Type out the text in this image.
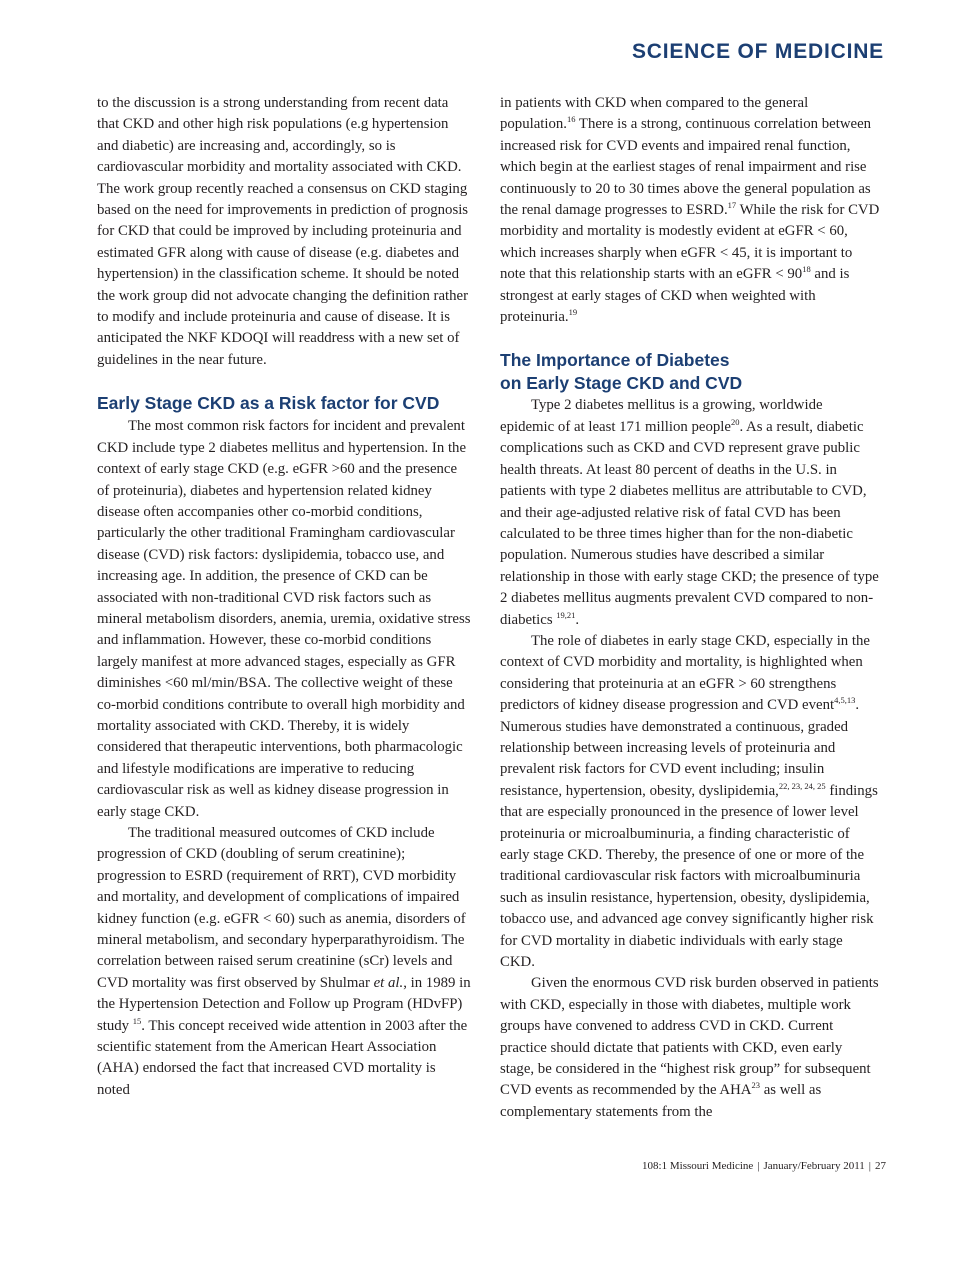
SCIENCE OF MEDICINE

to the discussion is a strong understanding from recent data that CKD and other high risk populations (e.g hypertension and diabetic) are increasing and, accordingly, so is cardiovascular morbidity and mortality associated with CKD. The work group recently reached a consensus on CKD staging based on the need for improvements in prediction of prognosis for CKD that could be improved by including proteinuria and estimated GFR along with cause of disease (e.g. diabetes and hypertension) in the classification scheme. It should be noted the work group did not advocate changing the definition rather to modify and include proteinuria and cause of disease. It is anticipated the NKF KDOQI will readdress with a new set of guidelines in the near future.

Early Stage CKD as a Risk factor for CVD

The most common risk factors for incident and prevalent CKD include type 2 diabetes mellitus and hypertension. In the context of early stage CKD (e.g. eGFR >60 and the presence of proteinuria), diabetes and hypertension related kidney disease often accompanies other co-morbid conditions, particularly the other traditional Framingham cardiovascular disease (CVD) risk factors: dyslipidemia, tobacco use, and increasing age. In addition, the presence of CKD can be associated with non-traditional CVD risk factors such as mineral metabolism disorders, anemia, uremia, oxidative stress and inflammation. However, these co-morbid conditions largely manifest at more advanced stages, especially as GFR diminishes <60 ml/min/BSA. The collective weight of these co-morbid conditions contribute to overall high morbidity and mortality associated with CKD. Thereby, it is widely considered that therapeutic interventions, both pharmacologic and lifestyle modifications are imperative to reducing cardiovascular risk as well as kidney disease progression in early stage CKD.

The traditional measured outcomes of CKD include progression of CKD (doubling of serum creatinine); progression to ESRD (requirement of RRT), CVD morbidity and mortality, and development of complications of impaired kidney function (e.g. eGFR < 60) such as anemia, disorders of mineral metabolism, and secondary hyperparathyroidism. The correlation between raised serum creatinine (sCr) levels and CVD mortality was first observed by Shulmar et al., in 1989 in the Hypertension Detection and Follow up Program (HDvFP) study $^{15}$. This concept received wide attention in 2003 after the scientific statement from the American Heart Association (AHA) endorsed the fact that increased CVD mortality is noted

in patients with CKD when compared to the general population.$^{16}$ There is a strong, continuous correlation between increased risk for CVD events and impaired renal function, which begin at the earliest stages of renal impairment and rise continuously to 20 to 30 times above the general population as the renal damage progresses to ESRD.$^{17}$ While the risk for CVD morbidity and mortality is modestly evident at eGFR < 60, which increases sharply when eGFR < 45, it is important to note that this relationship starts with an eGFR < $90^{18}$ and is strongest at early stages of CKD when weighted with proteinuria.$^{19}$

The Importance of Diabetes
on Early Stage CKD and CVD

Type 2 diabetes mellitus is a growing, worldwide epidemic of at least 171 million people$^{20}$. As a result, diabetic complications such as CKD and CVD represent grave public health threats. At least 80 percent of deaths in the U.S. in patients with type 2 diabetes mellitus are attributable to CVD, and their age-adjusted relative risk of fatal CVD has been calculated to be three times higher than for the non-diabetic population. Numerous studies have described a similar relationship in those with early stage CKD; the presence of type 2 diabetes mellitus augments prevalent CVD compared to non-diabetics $^{19,21}$.

The role of diabetes in early stage CKD, especially in the context of CVD morbidity and mortality, is highlighted when considering that proteinuria at an eGFR > 60 strengthens predictors of kidney disease progression and CVD event$^{4,5,13}$. Numerous studies have demonstrated a continuous, graded relationship between increasing levels of proteinuria and prevalent risk factors for CVD event including; insulin resistance, hypertension, obesity, dyslipidemia,$^{22, 23, 24, 25}$ findings that are especially pronounced in the presence of lower level proteinuria or microalbuminuria, a finding characteristic of early stage CKD. Thereby, the presence of one or more of the traditional cardiovascular risk factors with microalbuminuria such as insulin resistance, hypertension, obesity, dyslipidemia, tobacco use, and advanced age convey significantly higher risk for CVD mortality in diabetic individuals with early stage CKD.

Given the enormous CVD risk burden observed in patients with CKD, especially in those with diabetes, multiple work groups have convened to address CVD in CKD. Current practice should dictate that patients with CKD, even early stage, be considered in the “highest risk group” for subsequent CVD events as recommended by the AHA$^{23}$ as well as complementary statements from the

108:1 Missouri Medicine | January/February 2011 | 27
